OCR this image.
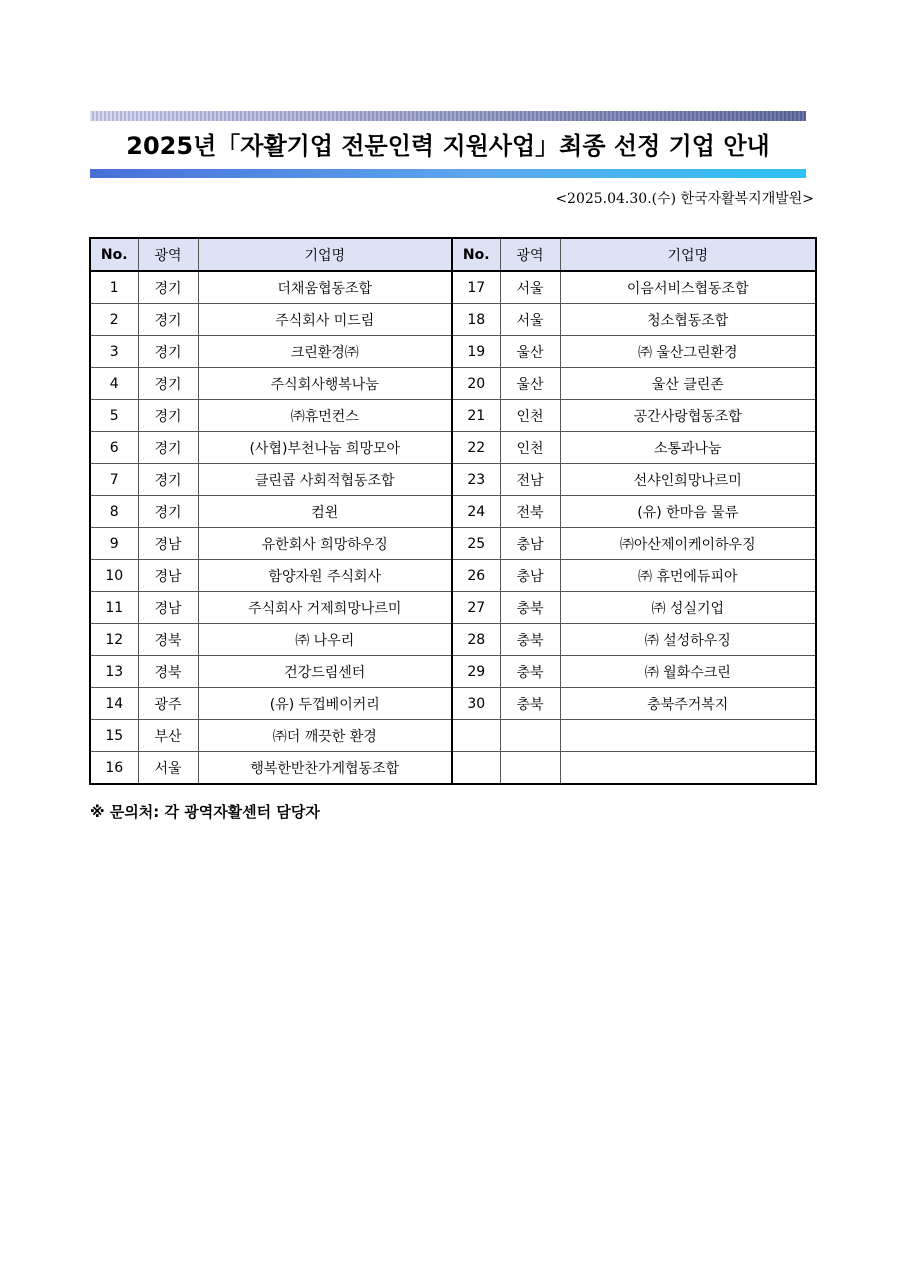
2025년「자활기업 전문인력 지원사업」최종 선정 기업 안내
<2025.04.30.(수) 한국자활복지개발원>
No.	광역	기업명	No.	광역	기업명
1	경기	더채움협동조합	17	서울	이음서비스협동조합
2	경기	주식회사 미드림	18	서울	청소협동조합
3	경기	크린환경㈜	19	울산	㈜ 울산그린환경
4	경기	주식회사행복나눔	20	울산	울산 클린존
5	경기	㈜휴먼컨스	21	인천	공간사랑협동조합
6	경기	(사협)부천나눔 희망모아	22	인천	소통과나눔
7	경기	클린콥 사회적협동조합	23	전남	선샤인희망나르미
8	경기	컴윈	24	전북	(유) 한마음 물류
9	경남	유한회사 희망하우징	25	충남	㈜아산제이케이하우징
10	경남	함양자원 주식회사	26	충남	㈜ 휴먼에듀피아
11	경남	주식회사 거제희망나르미	27	충북	㈜ 성실기업
12	경북	㈜ 나우리	28	충북	㈜ 설성하우징
13	경북	건강드림센터	29	충북	㈜ 월화수크린
14	광주	(유) 두껍베이커리	30	충북	충북주거복지
15	부산	㈜더 깨끗한 환경			
16	서울	행복한반찬가게협동조합			
※ 문의처: 각 광역자활센터 담당자
